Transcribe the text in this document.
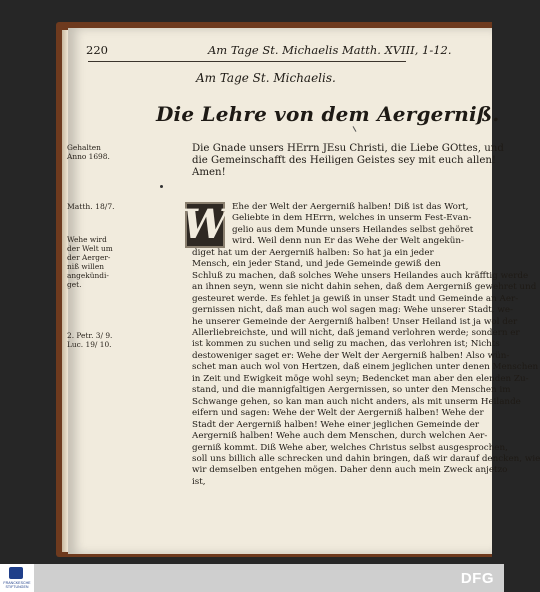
220	Am Tage St. Michaelis Matth. XVIII, 1-12.
Am Tage St. Michaelis.
Die Lehre von dem Aergerniß.
Gehalten
Anno 1698.
Matth. 18/7.
Wehe wird
der Welt um
der Aerger-
niß willen
angekündi-
get.
2. Petr. 3/ 9.
Luc. 19/ 10.
Die Gnade unsers HErrn JEsu Christi, die Liebe GOttes, und
die Gemeinschafft des Heiligen Geistes sey mit euch allen!
Amen!
Ehe der Welt der Aergerniß halben! Diß ist das Wort,
Geliebte in dem HErrn, welches in unserm Fest-Evan-
gelio aus dem Munde unsers Heilandes selbst gehöret
wird. Weil denn nun Er das Wehe der Welt angekün-
diget hat um der Aergerniß halben: So hat ja ein jeder
Mensch, ein jeder Stand, und jede Gemeinde gewiß den
Schluß zu machen, daß solches Wehe unsers Heilandes auch kräfftig werde
an ihnen seyn, wenn sie nicht dahin sehen, daß dem Aergerniß gewehret und
gesteuret werde. Es fehlet ja gewiß in unser Stadt und Gemeinde an Aer-
gernissen nicht, daß man auch wol sagen mag: Wehe unserer Stadt, we-
he unserer Gemeinde der Aergerniß halben! Unser Heiland ist ja wol der
Allerliebreichste, und will nicht, daß jemand verlohren werde; sondern er
ist kommen zu suchen und selig zu machen, das verlohren ist; Nichts
destoweniger saget er: Wehe der Welt der Aergerniß halben! Also wün-
schet man auch wol von Hertzen, daß einem jeglichen unter denen Menschen
in Zeit und Ewigkeit möge wohl seyn; Bedencket man aber den elenden Zu-
stand, und die mannigfaltigen Aergernissen, so unter den Menschen im
Schwange gehen, so kan man auch nicht anders, als mit unserm Heilande
eifern und sagen: Wehe der Welt der Aergerniß halben! Wehe der
Stadt der Aergerniß halben! Wehe einer jeglichen Gemeinde der
Aergerniß halben! Wehe auch dem Menschen, durch welchen Aer-
gerniß kommt. Diß Wehe aber, welches Christus selbst ausgesprochen,
soll uns billich alle schrecken und dahin bringen, daß wir darauf dencken, wie
wir demselben entgehen mögen. Daher denn auch mein Zweck anjetzo
ist,
W
FRANCKESCHE
STIFTUNGEN	DFG
